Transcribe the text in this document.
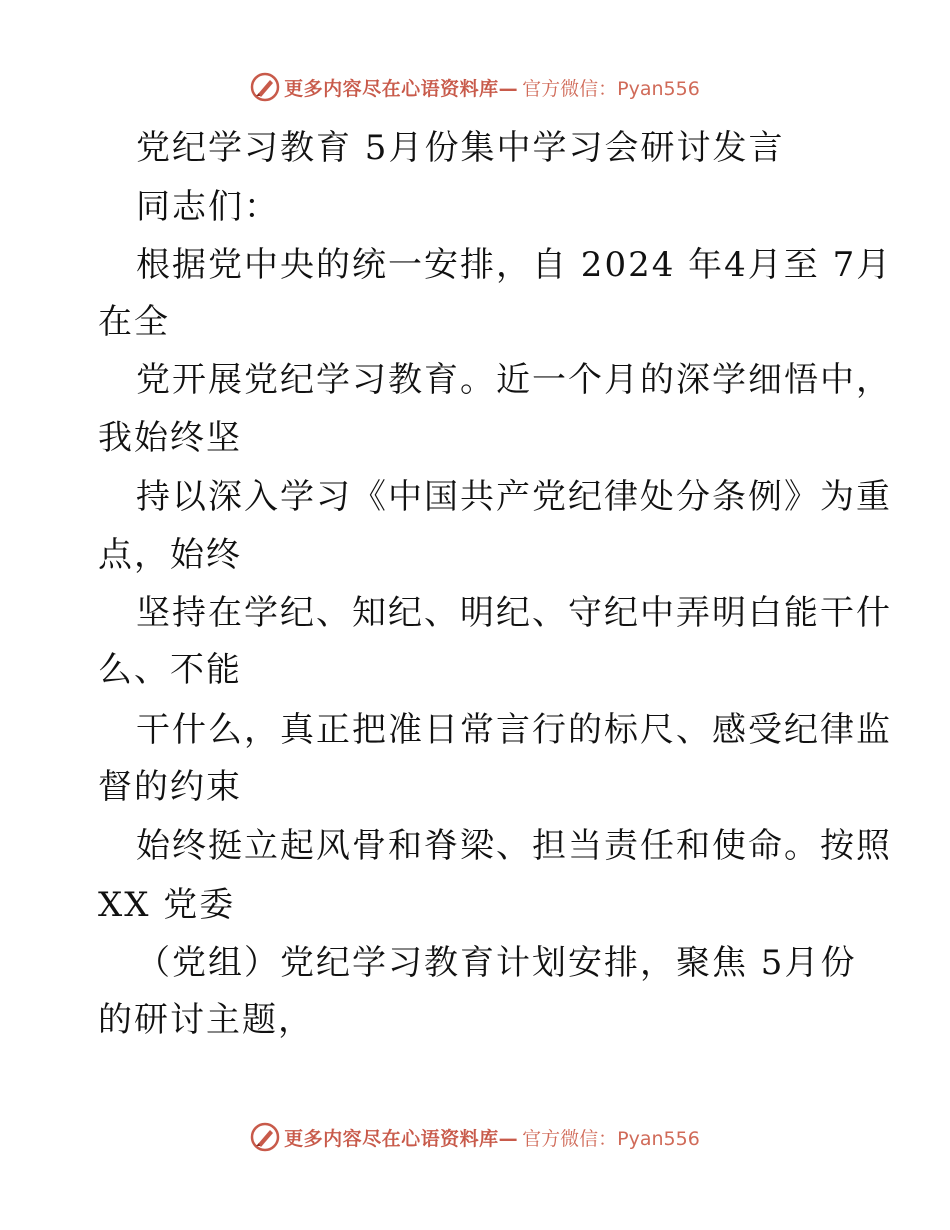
更多内容尽在心语资料库— 官方微信：Pyan556
党纪学习教育 5月份集中学习会研讨发言
同志们：
根据党中央的统一安排，自 2024 年4月至 7月
在全
党开展党纪学习教育。近一个月的深学细悟中，
我始终坚
持以深入学习《中国共产党纪律处分条例》为重
点，始终
坚持在学纪、知纪、明纪、守纪中弄明白能干什
么、不能
干什么，真正把准日常言行的标尺、感受纪律监
督的约束
始终挺立起风骨和脊梁、担当责任和使命。按照
XX 党委
（党组）党纪学习教育计划安排，聚焦 5月份
的研讨主题，
更多内容尽在心语资料库— 官方微信：Pyan556
